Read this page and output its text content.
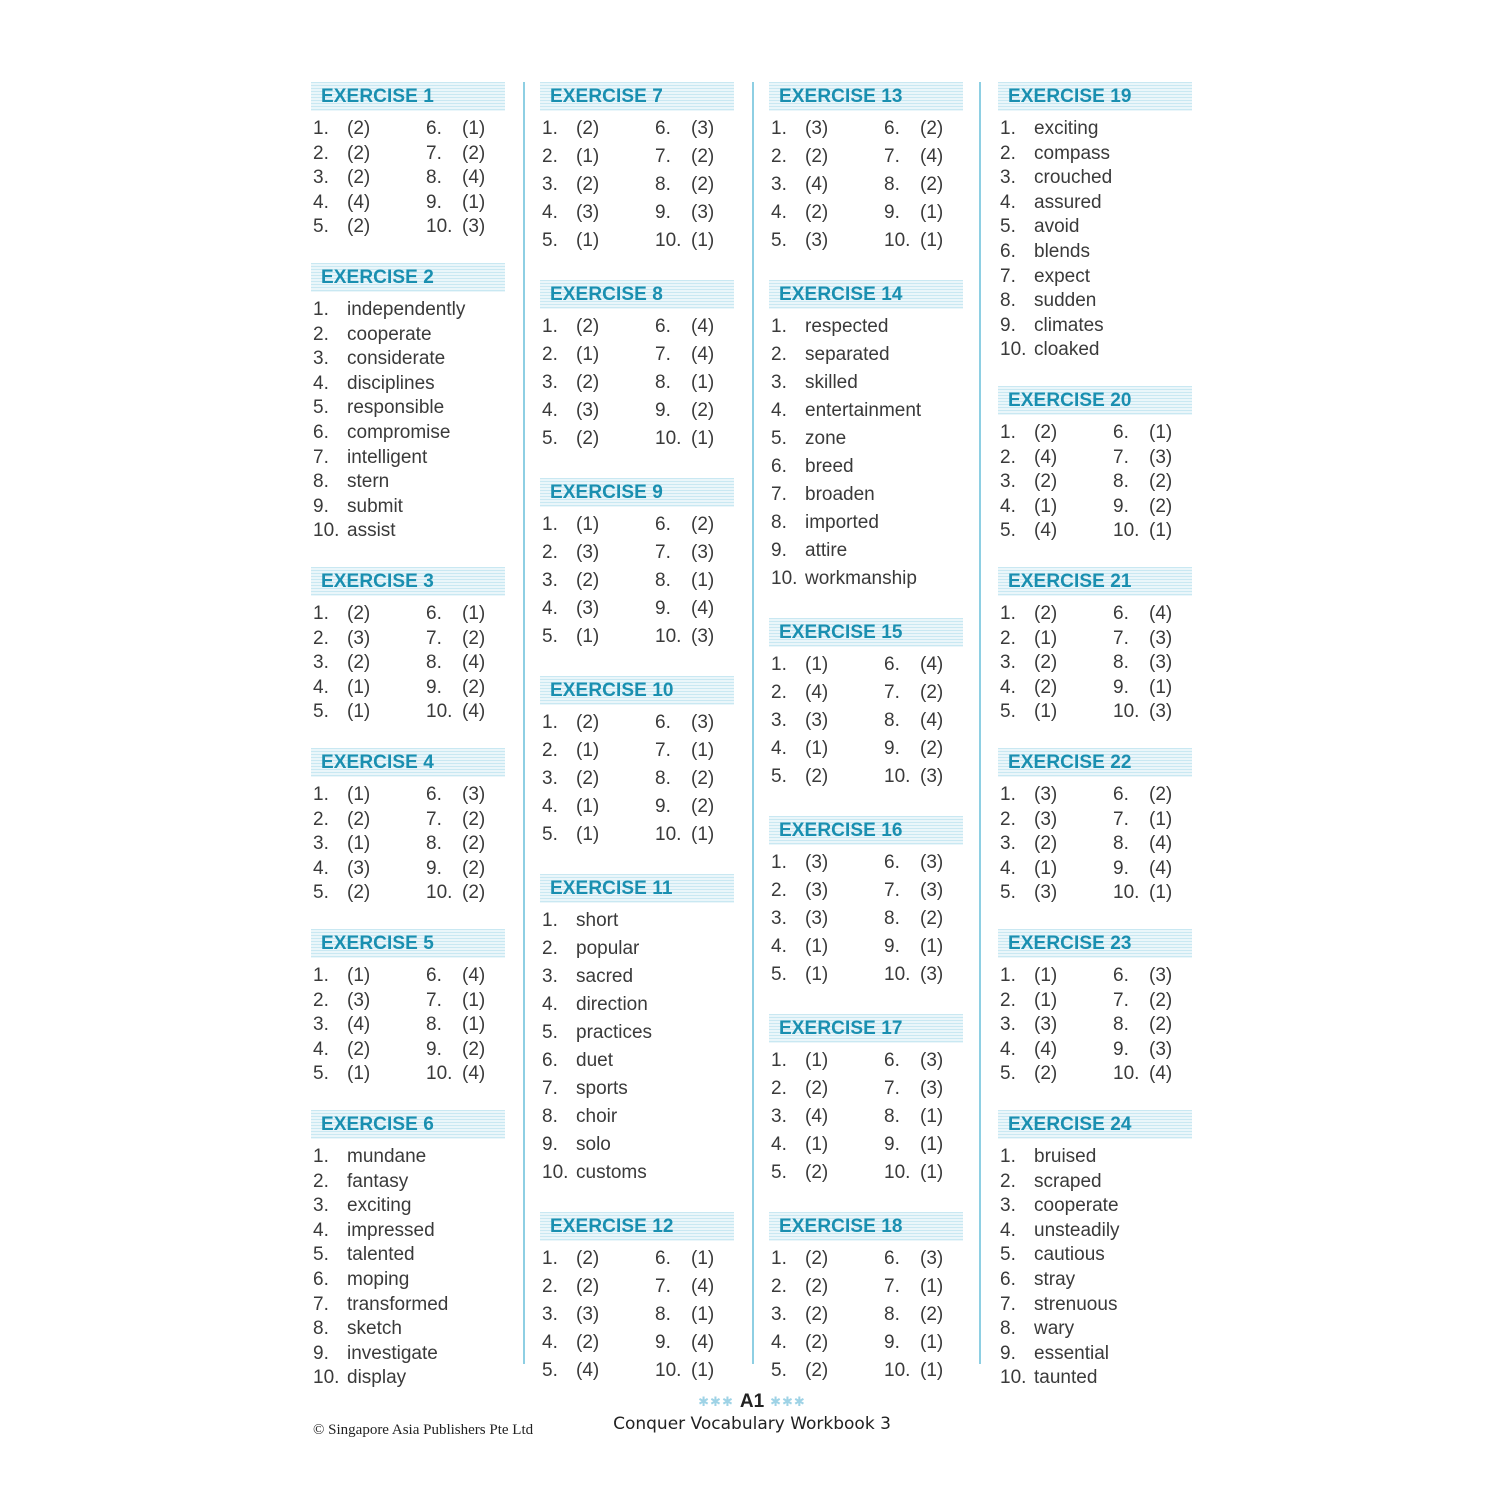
EXERCISE 1
1. (2)
2. (2)
3. (2)
4. (4)
5. (2)
6. (1)
7. (2)
8. (4)
9. (1)
10. (3)
EXERCISE 2
1. independently
2. cooperate
3. considerate
4. disciplines
5. responsible
6. compromise
7. intelligent
8. stern
9. submit
10. assist
EXERCISE 3
1. (2)
2. (3)
3. (2)
4. (1)
5. (1)
6. (1)
7. (2)
8. (4)
9. (2)
10. (4)
EXERCISE 4
1. (1)
2. (2)
3. (1)
4. (3)
5. (2)
6. (3)
7. (2)
8. (2)
9. (2)
10. (2)
EXERCISE 5
1. (1)
2. (3)
3. (4)
4. (2)
5. (1)
6. (4)
7. (1)
8. (1)
9. (2)
10. (4)
EXERCISE 6
1. mundane
2. fantasy
3. exciting
4. impressed
5. talented
6. moping
7. transformed
8. sketch
9. investigate
10. display
EXERCISE 7
1. (2)
2. (1)
3. (2)
4. (3)
5. (1)
6. (3)
7. (2)
8. (2)
9. (3)
10. (1)
EXERCISE 8
1. (2)
2. (1)
3. (2)
4. (3)
5. (2)
6. (4)
7. (4)
8. (1)
9. (2)
10. (1)
EXERCISE 9
1. (1)
2. (3)
3. (2)
4. (3)
5. (1)
6. (2)
7. (3)
8. (1)
9. (4)
10. (3)
EXERCISE 10
1. (2)
2. (1)
3. (2)
4. (1)
5. (1)
6. (3)
7. (1)
8. (2)
9. (2)
10. (1)
EXERCISE 11
1. short
2. popular
3. sacred
4. direction
5. practices
6. duet
7. sports
8. choir
9. solo
10. customs
EXERCISE 12
1. (2)
2. (2)
3. (3)
4. (2)
5. (4)
6. (1)
7. (4)
8. (1)
9. (4)
10. (1)
EXERCISE 13
1. (3)
2. (2)
3. (4)
4. (2)
5. (3)
6. (2)
7. (4)
8. (2)
9. (1)
10. (1)
EXERCISE 14
1. respected
2. separated
3. skilled
4. entertainment
5. zone
6. breed
7. broaden
8. imported
9. attire
10. workmanship
EXERCISE 15
1. (1)
2. (4)
3. (3)
4. (1)
5. (2)
6. (4)
7. (2)
8. (4)
9. (2)
10. (3)
EXERCISE 16
1. (3)
2. (3)
3. (3)
4. (1)
5. (1)
6. (3)
7. (3)
8. (2)
9. (1)
10. (3)
EXERCISE 17
1. (1)
2. (2)
3. (4)
4. (1)
5. (2)
6. (3)
7. (3)
8. (1)
9. (1)
10. (1)
EXERCISE 18
1. (2)
2. (2)
3. (2)
4. (2)
5. (2)
6. (3)
7. (1)
8. (2)
9. (1)
10. (1)
EXERCISE 19
1. exciting
2. compass
3. crouched
4. assured
5. avoid
6. blends
7. expect
8. sudden
9. climates
10. cloaked
EXERCISE 20
1. (2)
2. (4)
3. (2)
4. (1)
5. (4)
6. (1)
7. (3)
8. (2)
9. (2)
10. (1)
EXERCISE 21
1. (2)
2. (1)
3. (2)
4. (2)
5. (1)
6. (4)
7. (3)
8. (3)
9. (1)
10. (3)
EXERCISE 22
1. (3)
2. (3)
3. (2)
4. (1)
5. (3)
6. (2)
7. (1)
8. (4)
9. (4)
10. (1)
EXERCISE 23
1. (1)
2. (1)
3. (3)
4. (4)
5. (2)
6. (3)
7. (2)
8. (2)
9. (3)
10. (4)
EXERCISE 24
1. bruised
2. scraped
3. cooperate
4. unsteadily
5. cautious
6. stray
7. strenuous
8. wary
9. essential
10. taunted
✱✱✱ A1 ✱✱✱
Conquer Vocabulary Workbook 3
© Singapore Asia Publishers Pte Ltd
